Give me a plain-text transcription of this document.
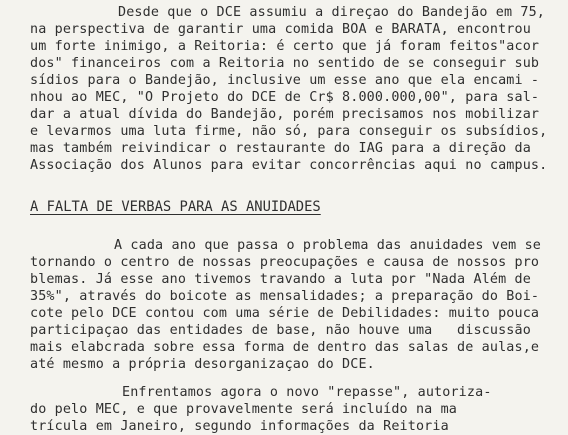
Desde que o DCE assumiu a direçao do Bandejão em 75,
na perspectiva de garantir uma comida BOA e BARATA, encontrou
um forte inimigo, a Reitoria: é certo que já foram feitos"acor
dos" financeiros com a Reitoria no sentido de se conseguir sub
sídios para o Bandejão, inclusive um esse ano que ela encami -
nhou ao MEC, "O Projeto do DCE de Cr$ 8.000.000,00", para sal-
dar a atual dívida do Bandejão, porém precisamos nos mobilizar
e levarmos uma luta firme, não só, para conseguir os subsídios,
mas também reivindicar o restaurante do IAG para a direção da
Associação dos Alunos para evitar concorrências aqui no campus.
A FALTA DE VERBAS PARA AS ANUIDADES
A cada ano que passa o problema das anuidades vem se
tornando o centro de nossas preocupações e causa de nossos pro
blemas. Já esse ano tivemos travando a luta por "Nada Além de
35%", através do boicote as mensalidades; a preparação do Boi-
cote pelo DCE contou com uma série de Debilidades: muito pouca
participaçao das entidades de base, não houve uma   discussão
mais elabcrada sobre essa forma de dentro das salas de aulas,e
até mesmo a própria desorganizaçao do DCE.
Enfrentamos agora o novo "repasse", autoriza-
do pelo MEC, e que provavelmente será incluído na ma
trícula em Janeiro, segundo informações da Reitoria
